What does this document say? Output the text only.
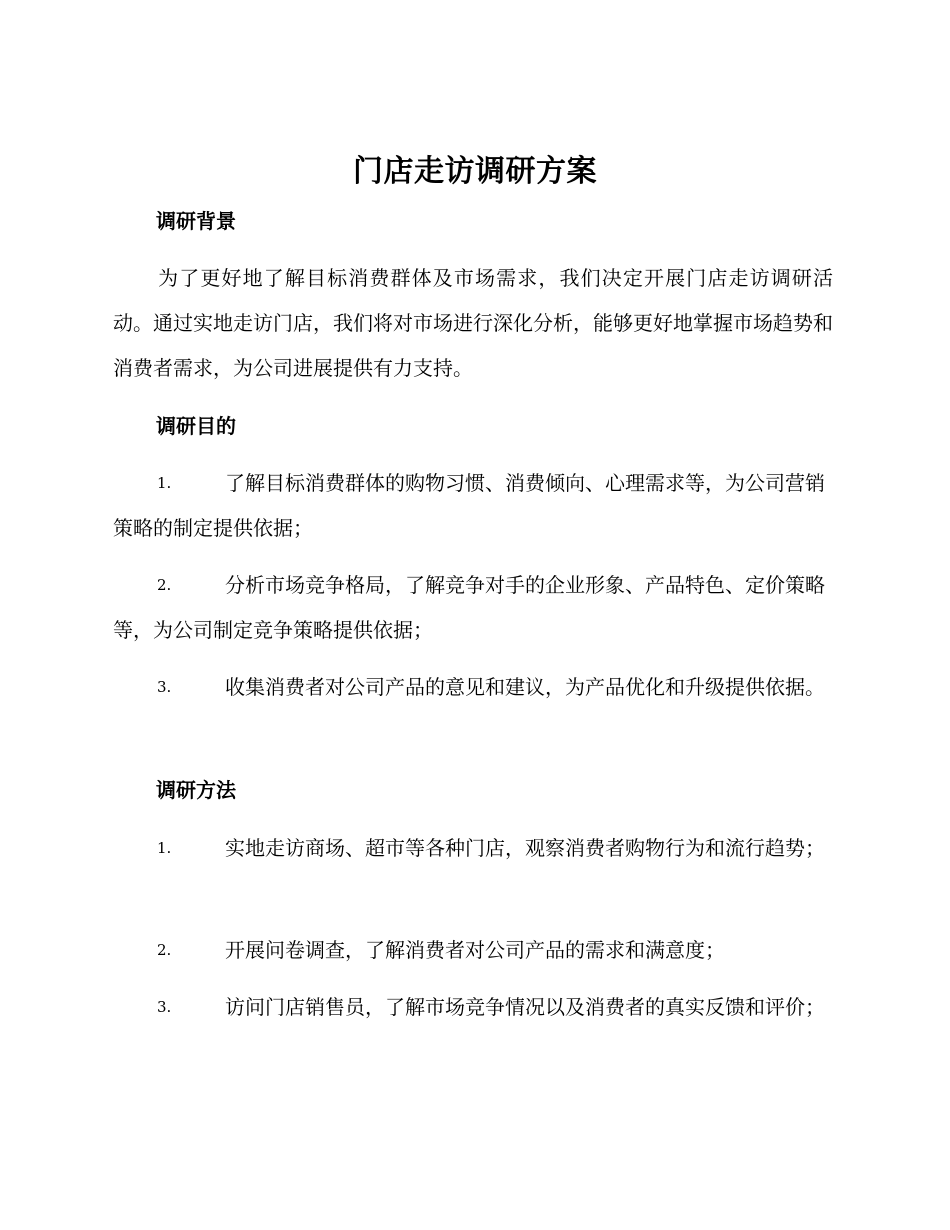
门店走访调研方案
调研背景
为了更好地了解目标消费群体及市场需求，我们决定开展门店走访调研活动。通过实地走访门店，我们将对市场进行深化分析，能够更好地掌握市场趋势和消费者需求，为公司进展提供有力支持。
调研目的
1.	了解目标消费群体的购物习惯、消费倾向、心理需求等，为公司营销策略的制定提供依据；
2.	分析市场竞争格局，了解竞争对手的企业形象、产品特色、定价策略等，为公司制定竞争策略提供依据；
3.	收集消费者对公司产品的意见和建议，为产品优化和升级提供依据。
调研方法
1.	实地走访商场、超市等各种门店，观察消费者购物行为和流行趋势；
2.	开展问卷调查，了解消费者对公司产品的需求和满意度；
3.	访问门店销售员，了解市场竞争情况以及消费者的真实反馈和评价；
